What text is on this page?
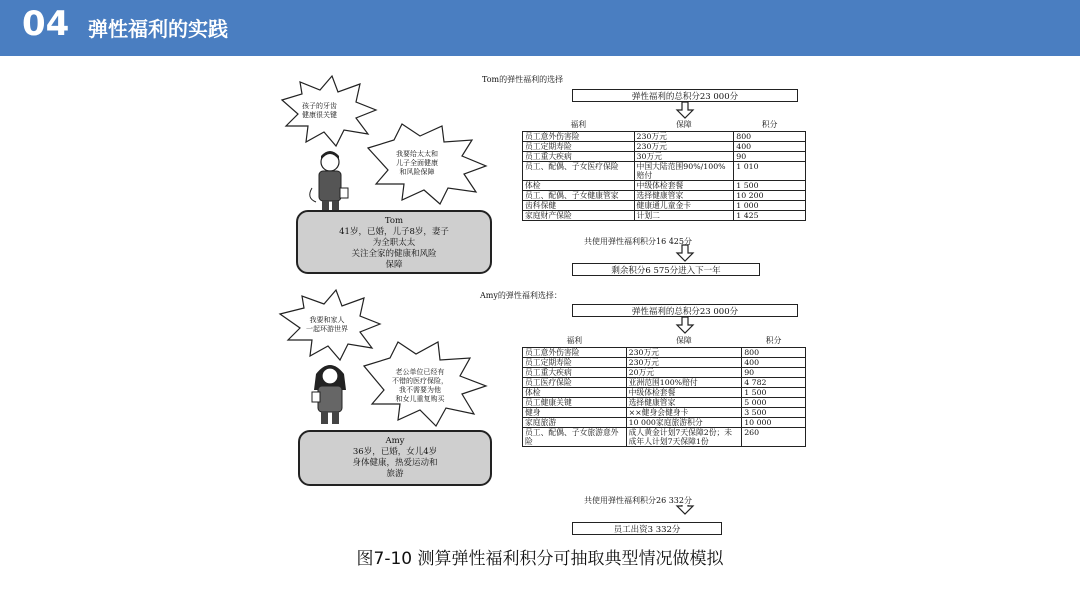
04 弹性福利的实践
孩子的牙齿
健康很关键
我要给太太和
儿子全面健康
和风险保障
Tom
41岁，已婚，儿子8岁，妻子
为全职太太
关注全家的健康和风险
保障
Tom的弹性福利的选择
弹性福利的总积分23 000分
福利	保障	积分
员工意外伤害险	230万元	800
员工定期寿险	230万元	400
员工重大疾病	30万元	90
员工、配偶、子女医疗保险	中国大陆范围90%/100%赔付	1 010
体检	中级体检套餐	1 500
员工、配偶、子女健康管家	选择健康管家	10 200
齿科保健	健康通儿童金卡	1 000
家庭财产保险	计划二	1 425
共使用弹性福利积分16 425分
剩余积分6 575分进入下一年
我要和家人
一起环游世界
老公单位已经有
不错的医疗保险，
我不需要为他
和女儿重复购买
Amy
36岁，已婚，女儿4岁
身体健康，热爱运动和
旅游
Amy的弹性福利选择：
弹性福利的总积分23 000分
福利	保障	积分
员工意外伤害险	230万元	800
员工定期寿险	230万元	400
员工重大疾病	20万元	90
员工医疗保险	亚洲范围100%赔付	4 782
体检	中级体检套餐	1 500
员工健康关键	选择健康管家	5 000
健身	××健身会健身卡	3 500
家庭旅游	10 000家庭旅游积分	10 000
员工、配偶、子女旅游意外险	成人黄金计划7天保障2份；未成年人计划7天保障1份	260
共使用弹性福利积分26 332分
员工出资3 332分
图7-10 测算弹性福利积分可抽取典型情况做模拟
